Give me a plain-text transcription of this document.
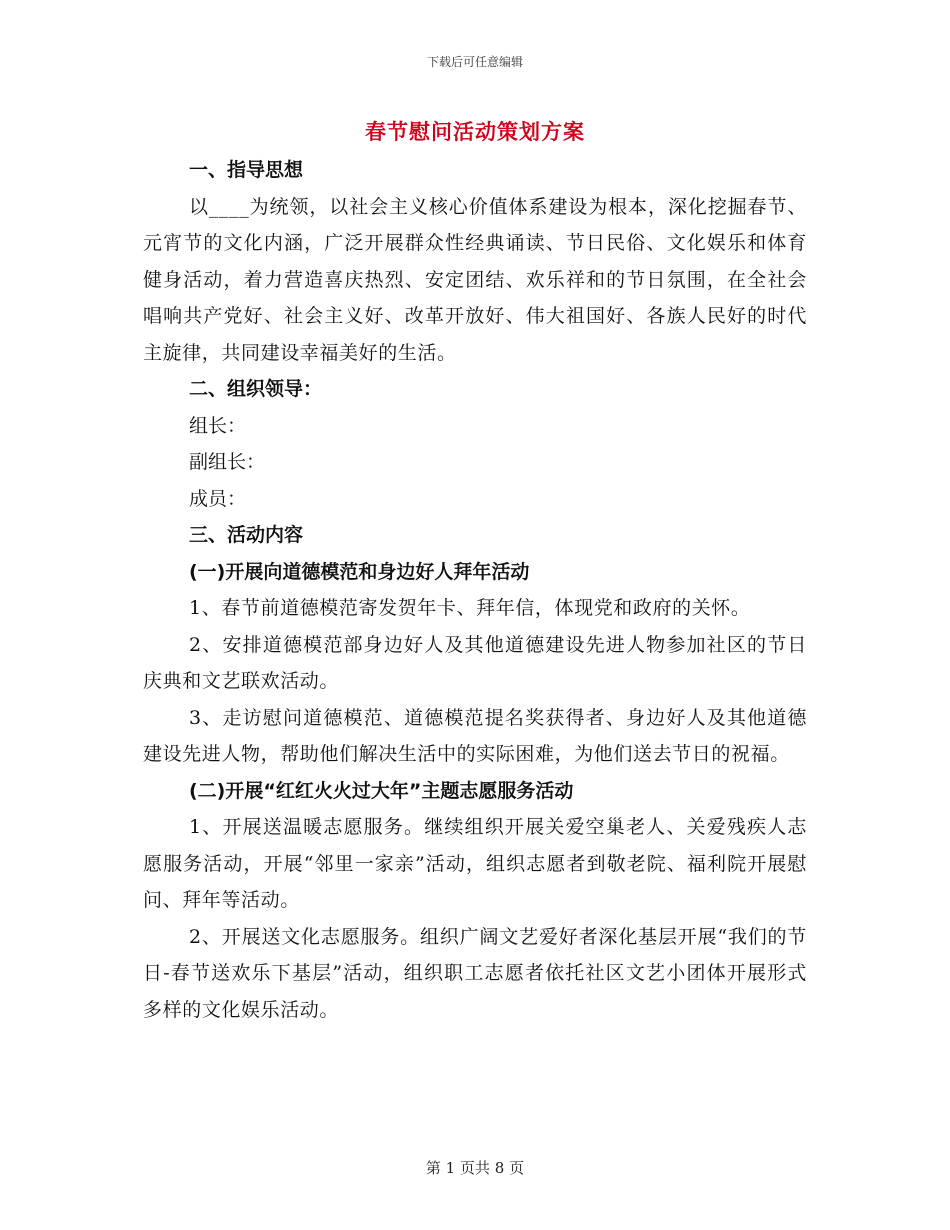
下载后可任意编辑
春节慰问活动策划方案
一、指导思想
以____为统领，以社会主义核心价值体系建设为根本，深化挖掘春节、元宵节的文化内涵，广泛开展群众性经典诵读、节日民俗、文化娱乐和体育健身活动，着力营造喜庆热烈、安定团结、欢乐祥和的节日氛围，在全社会唱响共产党好、社会主义好、改革开放好、伟大祖国好、各族人民好的时代主旋律，共同建设幸福美好的生活。
二、组织领导：
组长：
副组长：
成员：
三、活动内容
(一)开展向道德模范和身边好人拜年活动
1、春节前道德模范寄发贺年卡、拜年信，体现党和政府的关怀。
2、安排道德模范部身边好人及其他道德建设先进人物参加社区的节日庆典和文艺联欢活动。
3、走访慰问道德模范、道德模范提名奖获得者、身边好人及其他道德建设先进人物，帮助他们解决生活中的实际困难，为他们送去节日的祝福。
(二)开展“红红火火过大年”主题志愿服务活动
1、开展送温暖志愿服务。继续组织开展关爱空巢老人、关爱残疾人志愿服务活动，开展“邻里一家亲”活动，组织志愿者到敬老院、福利院开展慰问、拜年等活动。
2、开展送文化志愿服务。组织广阔文艺爱好者深化基层开展“我们的节日-春节送欢乐下基层”活动，组织职工志愿者依托社区文艺小团体开展形式多样的文化娱乐活动。
第 1 页共 8 页
